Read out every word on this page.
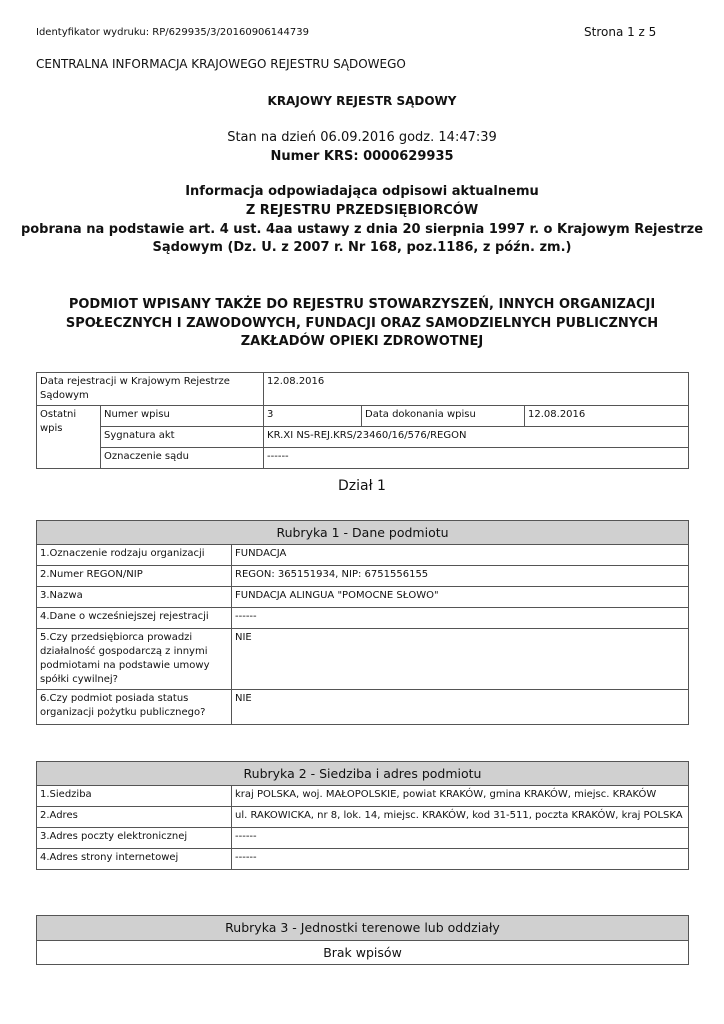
Identyfikator wydruku: RP/629935/3/20160906144739	Strona 1 z 5
CENTRALNA INFORMACJA KRAJOWEGO REJESTRU SĄDOWEGO
KRAJOWY REJESTR SĄDOWY
Stan na dzień 06.09.2016 godz. 14:47:39
Numer KRS: 0000629935
Informacja odpowiadająca odpisowi aktualnemu
Z REJESTRU PRZEDSIĘBIORCÓW
pobrana na podstawie art. 4 ust. 4aa ustawy z dnia 20 sierpnia 1997 r. o Krajowym Rejestrze
Sądowym (Dz. U. z 2007 r. Nr 168, poz.1186, z późn. zm.)
PODMIOT WPISANY TAKŻE DO REJESTRU STOWARZYSZEŃ, INNYCH ORGANIZACJI
SPOŁECZNYCH I ZAWODOWYCH, FUNDACJI ORAZ SAMODZIELNYCH PUBLICZNYCH
ZAKŁADÓW OPIEKI ZDROWOTNEJ
Data rejestracji w Krajowym Rejestrze Sądowym		12.08.2016		
Ostatni wpis	Numer wpisu	3	Data dokonania wpisu	12.08.2016
	Sygnatura akt	KR.XI NS-REJ.KRS/23460/16/576/REGON		
	Oznaczenie sądu	------		
Dział 1
Rubryka 1 - Dane podmiotu	
1.Oznaczenie rodzaju organizacji	FUNDACJA
2.Numer REGON/NIP	REGON: 365151934, NIP: 6751556155
3.Nazwa	FUNDACJA ALINGUA "POMOCNE SŁOWO"
4.Dane o wcześniejszej rejestracji	------
5.Czy przedsiębiorca prowadzi działalność gospodarczą z innymi podmiotami na podstawie umowy spółki cywilnej?	NIE
6.Czy podmiot posiada status organizacji pożytku publicznego?	NIE
Rubryka 2 - Siedziba i adres podmiotu	
1.Siedziba	kraj POLSKA, woj. MAŁOPOLSKIE, powiat KRAKÓW, gmina KRAKÓW, miejsc. KRAKÓW
2.Adres	ul. RAKOWICKA, nr 8, lok. 14, miejsc. KRAKÓW, kod 31-511, poczta KRAKÓW, kraj POLSKA
3.Adres poczty elektronicznej	------
4.Adres strony internetowej	------
Rubryka 3 - Jednostki terenowe lub oddziały
Brak wpisów
